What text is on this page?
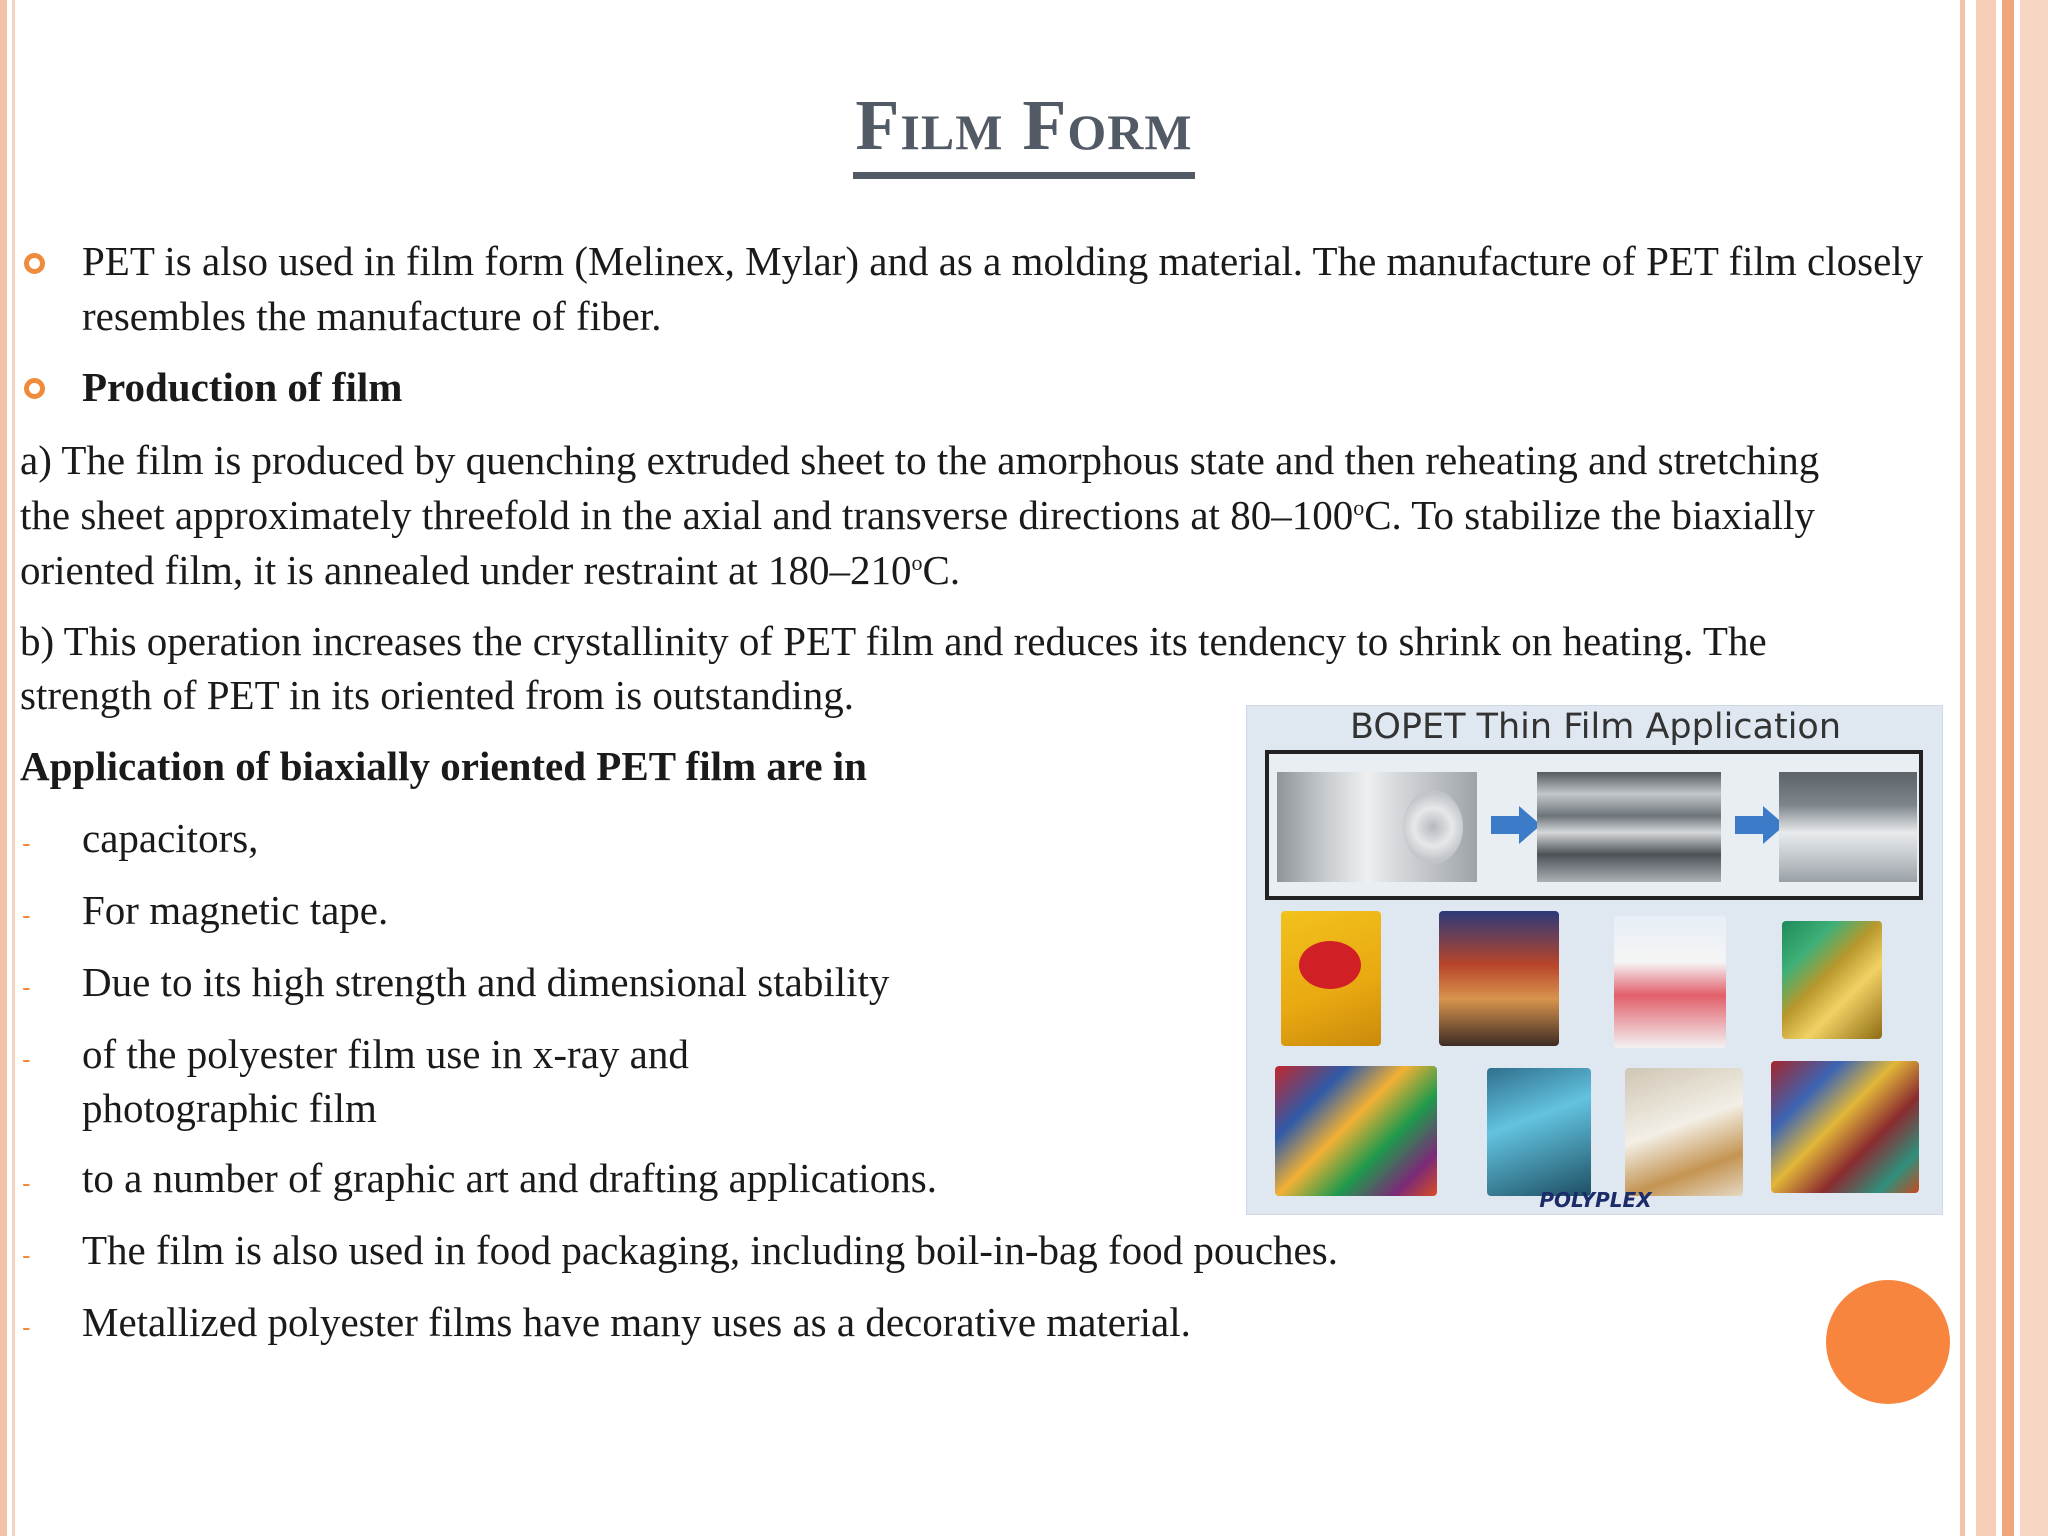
Film Form
PET is also used in film form (Melinex, Mylar) and as a molding material. The manufacture of PET film closely resembles the manufacture of fiber.
Production of film
a) The film is produced by quenching extruded sheet to the amorphous state and then reheating and stretching
the sheet approximately threefold in the axial and transverse directions at 80–100$^o$C. To stabilize the biaxially
oriented film, it is annealed under restraint at 180–210$^o$C.
b) This operation increases the crystallinity of PET film and reduces its tendency to shrink on heating. The
strength of PET in its oriented from is outstanding.
Application of biaxially oriented PET film are in
- capacitors,
- For magnetic tape.
- Due to its high strength and dimensional stability
- of the polyester film use in x-ray and
photographic film
- to a number of graphic art and drafting applications.
- The film is also used in food packaging, including boil-in-bag food pouches.
- Metallized polyester films have many uses as a decorative material.
BOPET Thin Film Application
POLYPLEX
